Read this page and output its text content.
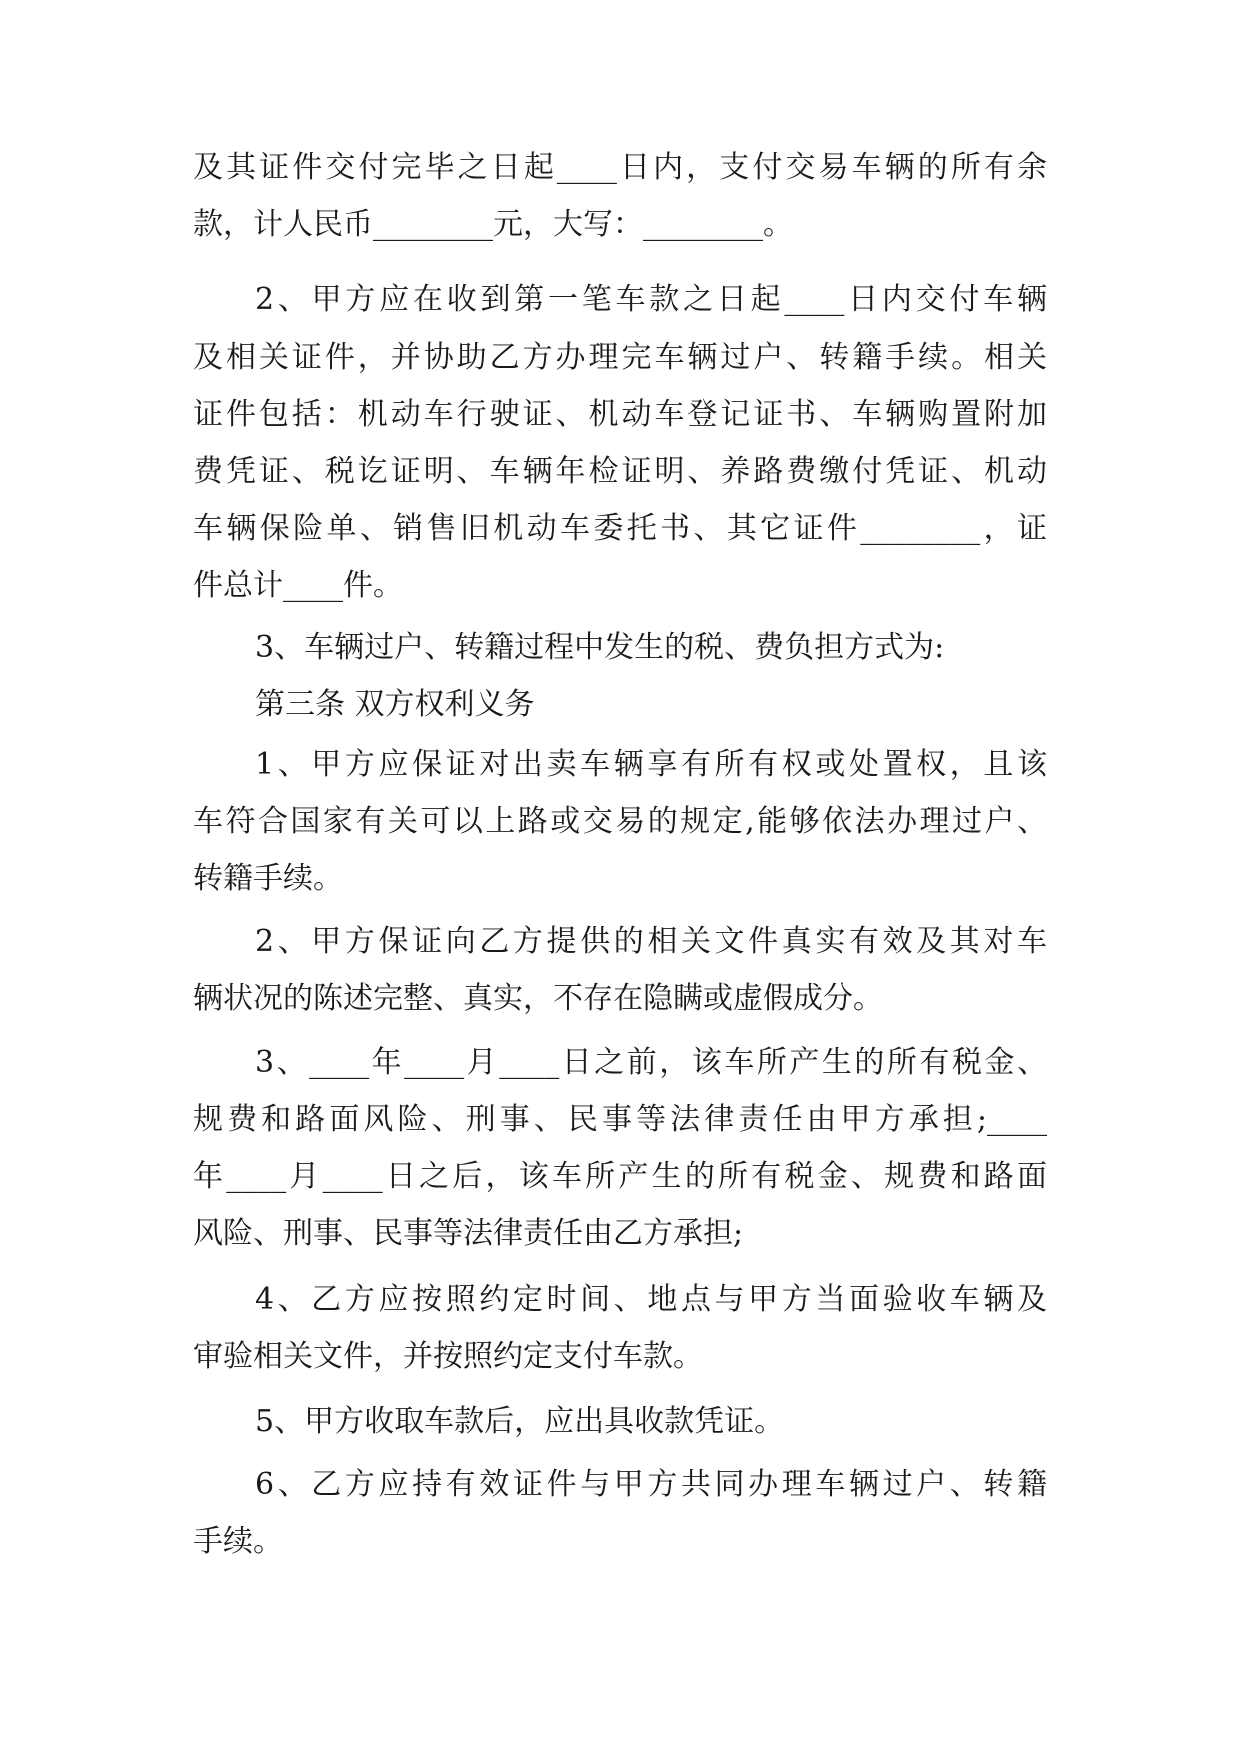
及其证件交付完毕之日起____日内，支付交易车辆的所有余
款，计人民币________元，大写：________。
2、甲方应在收到第一笔车款之日起____日内交付车辆
及相关证件，并协助乙方办理完车辆过户、转籍手续。相关
证件包括：机动车行驶证、机动车登记证书、车辆购置附加
费凭证、税讫证明、车辆年检证明、养路费缴付凭证、机动
车辆保险单、销售旧机动车委托书、其它证件________，证
件总计____件。
3、车辆过户、转籍过程中发生的税、费负担方式为:
第三条 双方权利义务
1、甲方应保证对出卖车辆享有所有权或处置权，且该
车符合国家有关可以上路或交易的规定,能够依法办理过户、
转籍手续。
2、甲方保证向乙方提供的相关文件真实有效及其对车
辆状况的陈述完整、真实，不存在隐瞒或虚假成分。
3、____年____月____日之前，该车所产生的所有税金、
规费和路面风险、刑事、民事等法律责任由甲方承担;____
年____月____日之后，该车所产生的所有税金、规费和路面
风险、刑事、民事等法律责任由乙方承担;
4、乙方应按照约定时间、地点与甲方当面验收车辆及
审验相关文件，并按照约定支付车款。
5、甲方收取车款后，应出具收款凭证。
6、乙方应持有效证件与甲方共同办理车辆过户、转籍
手续。
